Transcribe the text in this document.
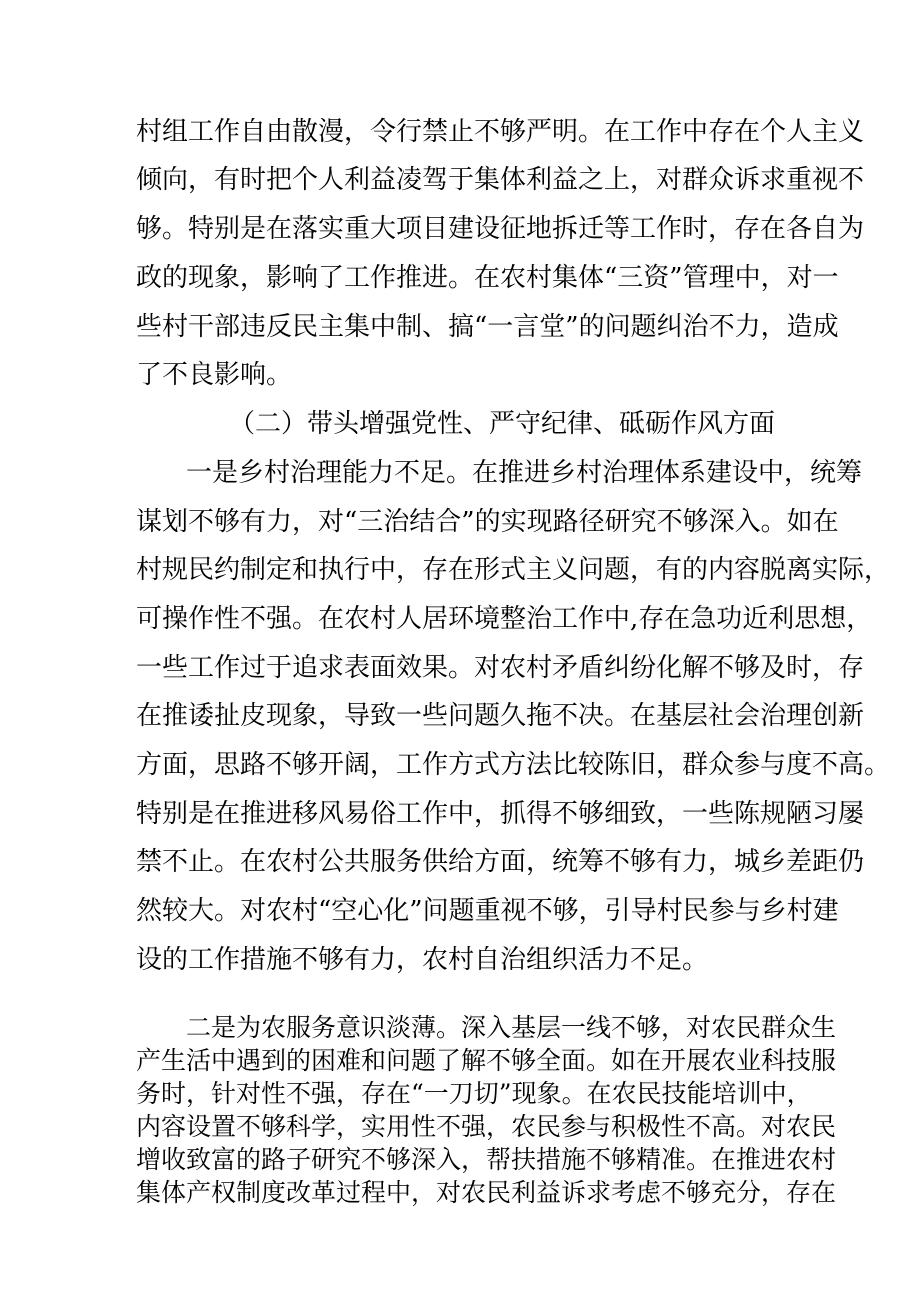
村组工作自由散漫，令行禁止不够严明。在工作中存在个人主义
倾向，有时把个人利益凌驾于集体利益之上，对群众诉求重视不
够。特别是在落实重大项目建设征地拆迁等工作时，存在各自为
政的现象，影响了工作推进。在农村集体“三资”管理中，对一
些村干部违反民主集中制、搞“一言堂”的问题纠治不力，造成
了不良影响。
（二）带头增强党性、严守纪律、砥砺作风方面
一是乡村治理能力不足。在推进乡村治理体系建设中，统筹
谋划不够有力，对“三治结合”的实现路径研究不够深入。如在
村规民约制定和执行中，存在形式主义问题，有的内容脱离实际，
可操作性不强。在农村人居环境整治工作中,存在急功近利思想，
一些工作过于追求表面效果。对农村矛盾纠纷化解不够及时，存
在推诿扯皮现象，导致一些问题久拖不决。在基层社会治理创新
方面，思路不够开阔，工作方式方法比较陈旧，群众参与度不高。
特别是在推进移风易俗工作中，抓得不够细致，一些陈规陋习屡
禁不止。在农村公共服务供给方面，统筹不够有力，城乡差距仍
然较大。对农村“空心化”问题重视不够，引导村民参与乡村建
设的工作措施不够有力，农村自治组织活力不足。
二是为农服务意识淡薄。深入基层一线不够，对农民群众生
产生活中遇到的困难和问题了解不够全面。如在开展农业科技服
务时，针对性不强，存在“一刀切”现象。在农民技能培训中，
内容设置不够科学，实用性不强，农民参与积极性不高。对农民
增收致富的路子研究不够深入，帮扶措施不够精准。在推进农村
集体产权制度改革过程中，对农民利益诉求考虑不够充分，存在
